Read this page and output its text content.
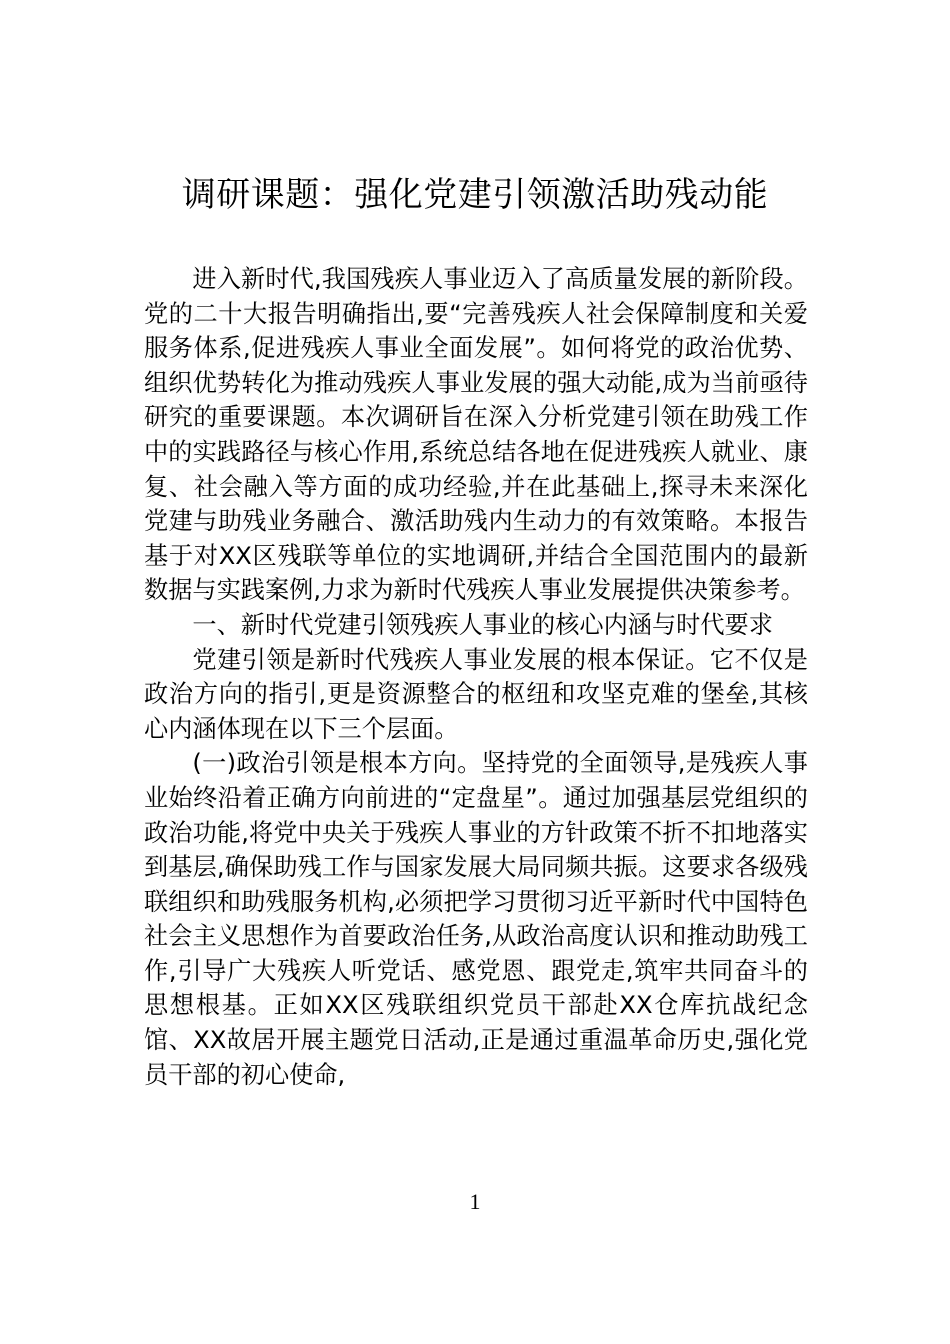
调研课题：强化党建引领激活助残动能

进入新时代,我国残疾人事业迈入了高质量发展的新阶段。党的二十大报告明确指出,要“完善残疾人社会保障制度和关爱服务体系,促进残疾人事业全面发展”。如何将党的政治优势、组织优势转化为推动残疾人事业发展的强大动能,成为当前亟待研究的重要课题。本次调研旨在深入分析党建引领在助残工作中的实践路径与核心作用,系统总结各地在促进残疾人就业、康复、社会融入等方面的成功经验,并在此基础上,探寻未来深化党建与助残业务融合、激活助残内生动力的有效策略。本报告基于对XX区残联等单位的实地调研,并结合全国范围内的最新数据与实践案例,力求为新时代残疾人事业发展提供决策参考。

一、新时代党建引领残疾人事业的核心内涵与时代要求

党建引领是新时代残疾人事业发展的根本保证。它不仅是政治方向的指引,更是资源整合的枢纽和攻坚克难的堡垒,其核心内涵体现在以下三个层面。

(一)政治引领是根本方向。坚持党的全面领导,是残疾人事业始终沿着正确方向前进的“定盘星”。通过加强基层党组织的政治功能,将党中央关于残疾人事业的方针政策不折不扣地落实到基层,确保助残工作与国家发展大局同频共振。这要求各级残联组织和助残服务机构,必须把学习贯彻习近平新时代中国特色社会主义思想作为首要政治任务,从政治高度认识和推动助残工作,引导广大残疾人听党话、感党恩、跟党走,筑牢共同奋斗的思想根基。正如XX区残联组织党员干部赴XX仓库抗战纪念馆、XX故居开展主题党日活动,正是通过重温革命历史,强化党员干部的初心使命,

1
